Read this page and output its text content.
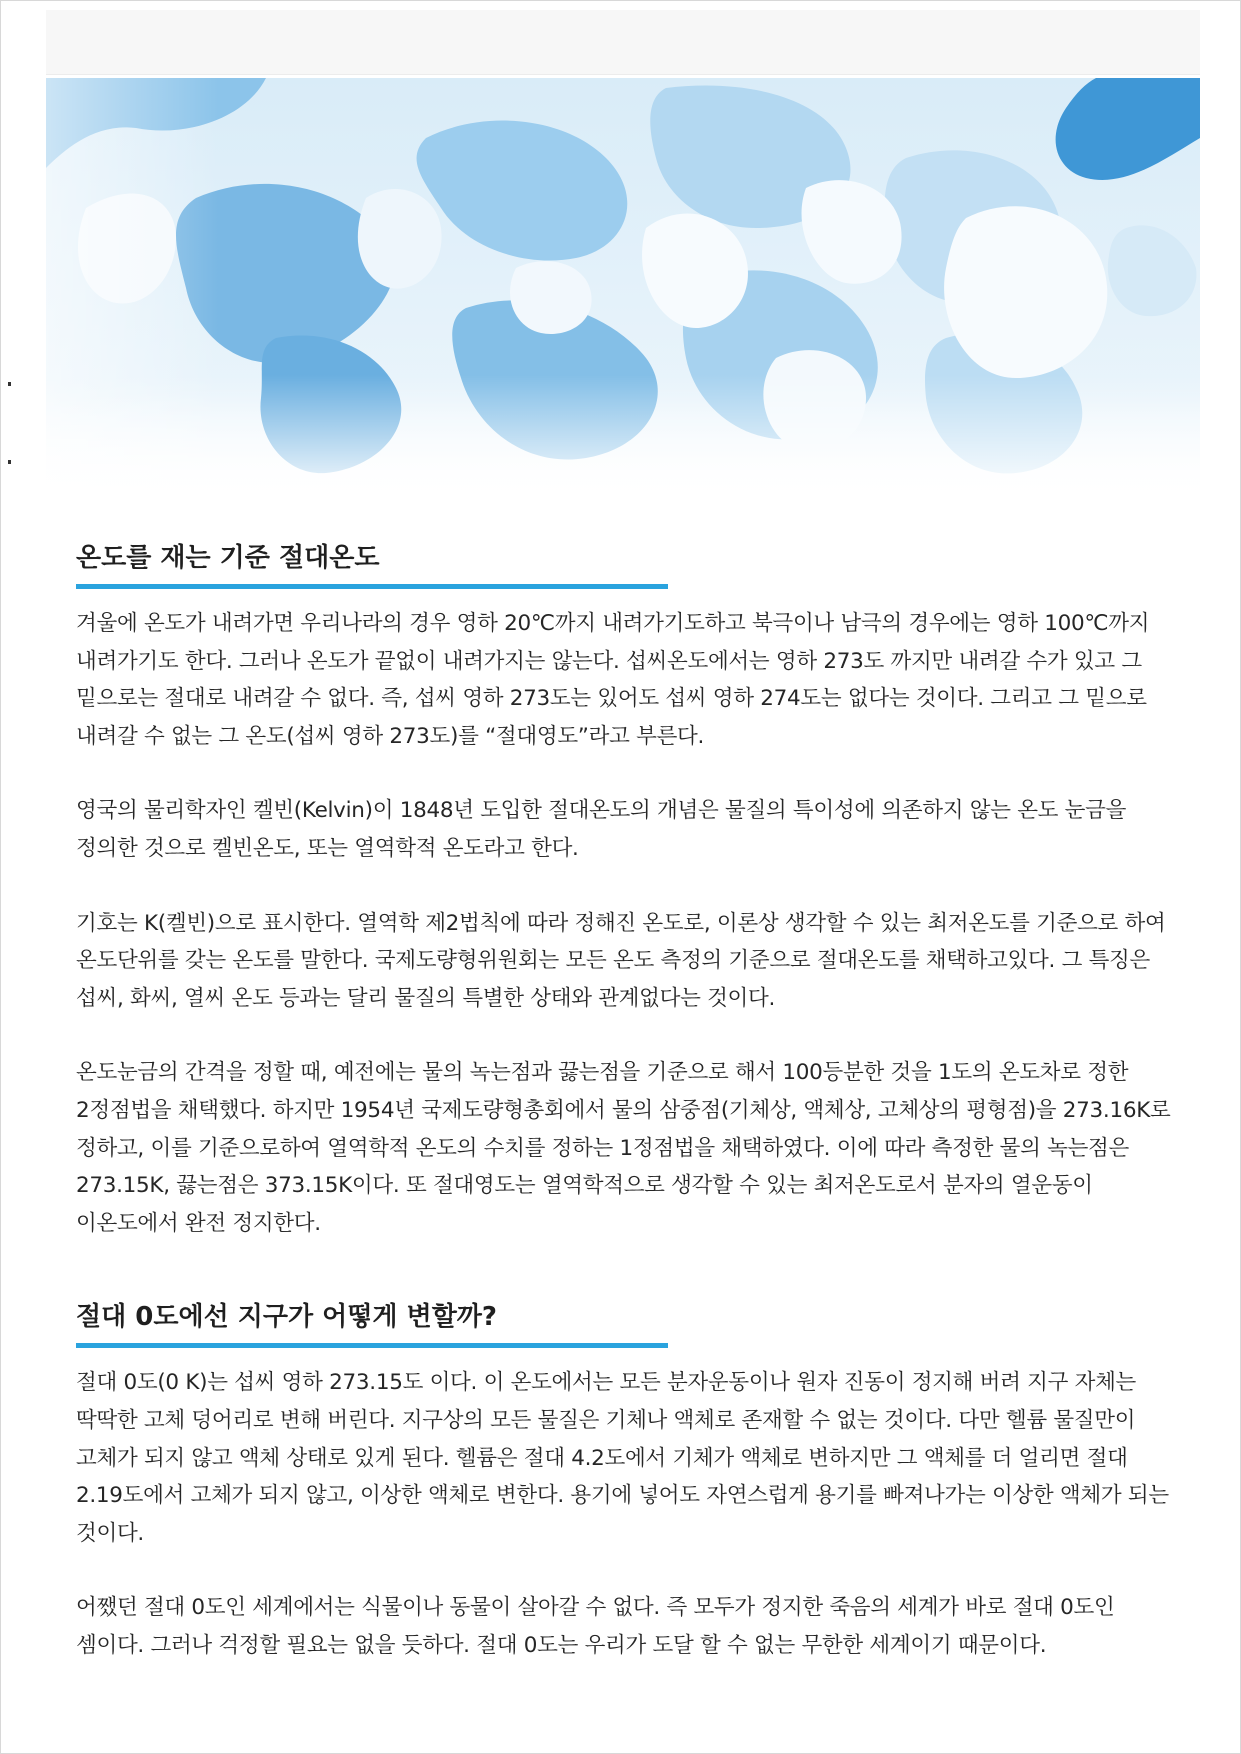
온도를 재는 기준 절대온도

겨울에 온도가 내려가면 우리나라의 경우 영하 20℃까지 내려가기도하고 북극이나 남극의 경우에는 영하 100℃까지 내려가기도 한다. 그러나 온도가 끝없이 내려가지는 않는다. 섭씨온도에서는 영하 273도 까지만 내려갈 수가 있고 그 밑으로는 절대로 내려갈 수 없다. 즉, 섭씨 영하 273도는 있어도 섭씨 영하 274도는 없다는 것이다. 그리고 그 밑으로 내려갈 수 없는 그 온도(섭씨 영하 273도)를 “절대영도”라고 부른다.

영국의 물리학자인 켈빈(Kelvin)이 1848년 도입한 절대온도의 개념은 물질의 특이성에 의존하지 않는 온도 눈금을 정의한 것으로 켈빈온도, 또는 열역학적 온도라고 한다.

기호는 K(켈빈)으로 표시한다. 열역학 제2법칙에 따라 정해진 온도로, 이론상 생각할 수 있는 최저온도를 기준으로 하여 온도단위를 갖는 온도를 말한다. 국제도량형위원회는 모든 온도 측정의 기준으로 절대온도를 채택하고있다. 그 특징은 섭씨, 화씨, 열씨 온도 등과는 달리 물질의 특별한 상태와 관계없다는 것이다.

온도눈금의 간격을 정할 때, 예전에는 물의 녹는점과 끓는점을 기준으로 해서 100등분한 것을 1도의 온도차로 정한 2정점법을 채택했다. 하지만 1954년 국제도량형총회에서 물의 삼중점(기체상, 액체상, 고체상의 평형점)을 273.16K로 정하고, 이를 기준으로하여 열역학적 온도의 수치를 정하는 1정점법을 채택하였다. 이에 따라 측정한 물의 녹는점은 273.15K, 끓는점은 373.15K이다. 또 절대영도는 열역학적으로 생각할 수 있는 최저온도로서 분자의 열운동이 이온도에서 완전 정지한다.

절대 0도에선 지구가 어떻게 변할까?

절대 0도(0 K)는 섭씨 영하 273.15도 이다. 이 온도에서는 모든 분자운동이나 원자 진동이 정지해 버려 지구 자체는 딱딱한 고체 덩어리로 변해 버린다. 지구상의 모든 물질은 기체나 액체로 존재할 수 없는 것이다. 다만 헬륨 물질만이 고체가 되지 않고 액체 상태로 있게 된다. 헬륨은 절대 4.2도에서 기체가 액체로 변하지만 그 액체를 더 얼리면 절대 2.19도에서 고체가 되지 않고, 이상한 액체로 변한다. 용기에 넣어도 자연스럽게 용기를 빠져나가는 이상한 액체가 되는 것이다.

어쨌던 절대 0도인 세계에서는 식물이나 동물이 살아갈 수 없다. 즉 모두가 정지한 죽음의 세계가 바로 절대 0도인 셈이다. 그러나 걱정할 필요는 없을 듯하다. 절대 0도는 우리가 도달 할 수 없는 무한한 세계이기 때문이다.
